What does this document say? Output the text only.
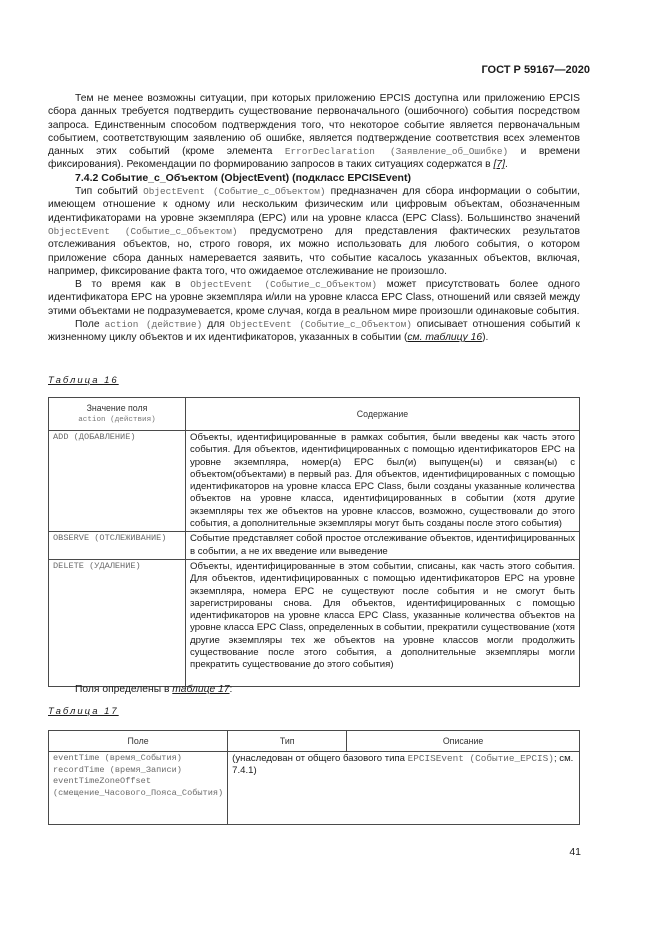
ГОСТ Р 59167—2020

Тем не менее возможны ситуации, при которых приложению EPCIS доступна или приложению EPCIS сбора данных требуется подтвердить существование первоначального (ошибочного) события посредством запроса. Единственным способом подтверждения того, что некоторое событие является первоначальным событием, соответствующим заявлению об ошибке, является подтверждение соответствия всех элементов данных этих событий (кроме элемента ErrorDeclaration (Заявление_об_Ошибке) и времени фиксирования). Рекомендации по формированию запросов в таких ситуациях содержатся в [7].

7.4.2 Событие_с_Объектом (ObjectEvent) (подкласс EPCISEvent)

Тип событий ObjectEvent (Событие_с_Объектом) предназначен для сбора информации о событии, имеющем отношение к одному или нескольким физическим или цифровым объектам, обозначенным идентификаторами на уровне экземпляра (EPC) или на уровне класса (EPC Class). Большинство значений ObjectEvent (Событие_с_Объектом) предусмотрено для представления фактических результатов отслеживания объектов, но, строго говоря, их можно использовать для любого события, о котором приложение сбора данных намеревается заявить, что событие касалось указанных объектов, включая, например, фиксирование факта того, что ожидаемое отслеживание не произошло.

В то время как в ObjectEvent (Событие_с_Объектом) может присутствовать более одного идентификатора EPC на уровне экземпляра и/или на уровне класса EPC Class, отношений или связей между этими объектами не подразумевается, кроме случая, когда в реальном мире произошли одинаковые события.

Поле action (действие) для ObjectEvent (Событие_с_Объектом) описывает отношения событий к жизненному циклу объектов и их идентификаторов, указанных в событии (см. таблицу 16).

Таблица 16
Значение поля
action (действия)	Содержание
ADD (ДОБАВЛЕНИЕ)	Объекты, идентифицированные в рамках события, были введены как часть этого события. Для объектов, идентифицированных с помощью идентификаторов EPC на уровне экземпляра, номер(а) EPC был(и) выпущен(ы) и связан(ы) с объектом(объектами) в первый раз. Для объектов, идентифицированных с помощью идентификаторов на уровне класса EPC Class, были созданы указанные количества объектов на уровне класса, идентифицированных в событии (хотя другие экземпляры тех же объектов на уровне классов, возможно, существовали до этого события, а дополнительные экземпляры могут быть созданы после этого события)
OBSERVE (ОТСЛЕЖИВАНИЕ)	Событие представляет собой простое отслеживание объектов, идентифицированных в событии, а не их введение или выведение
DELETE (УДАЛЕНИЕ)	Объекты, идентифицированные в этом событии, списаны, как часть этого события. Для объектов, идентифицированных с помощью идентификаторов EPC на уровне экземпляра, номера EPC не существуют после события и не смогут быть зарегистрированы снова. Для объектов, идентифицированных с помощью идентификаторов на уровне класса EPC Class, указанные количества объектов на уровне класса EPC Class, определенных в событии, прекратили существование (хотя другие экземпляры тех же объектов на уровне классов могли продолжить существование после этого события, а дополнительные экземпляры могли прекратить существование до этого события)

Поля определены в таблице 17:

Таблица 17
Поле	Тип	Описание
eventTime (время_События)
recordTime (время_Записи)
eventTimeZoneOffset (смещение_Часового_Пояса_События)	(унаследован от общего базового типа EPCISEvent (Событие_EPCIS); см. 7.4.1)	
41
